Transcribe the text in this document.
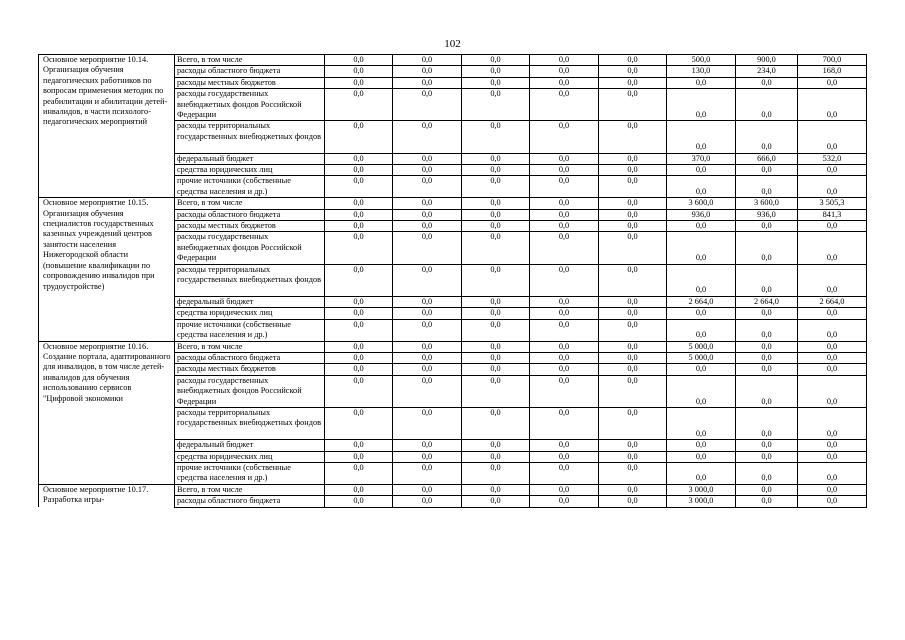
102
Основное мероприятие 10.14. Организация обучения педагогических работников по вопросам применения методик по реабилитации и абилитации детей-инвалидов, в части психолого-педагогических мероприятий	Всего, в том числе	0,0	0,0	0,0	0,0	0,0	500,0	900,0	700,0
	расходы областного бюджета	0,0	0,0	0,0	0,0	0,0	130,0	234,0	168,0
	расходы местных бюджетов	0,0	0,0	0,0	0,0	0,0	0,0	0,0	0,0
	расходы государственных внебюджетных фондов Российской Федерации	0,0	0,0	0,0	0,0	0,0	0,0	0,0	0,0
	расходы территориальных государственных внебюджетных фондов	0,0	0,0	0,0	0,0	0,0	0,0	0,0	0,0
	федеральный бюджет	0,0	0,0	0,0	0,0	0,0	370,0	666,0	532,0
	средства юридических лиц	0,0	0,0	0,0	0,0	0,0	0,0	0,0	0,0
	прочие источники (собственные средства населения и др.)	0,0	0,0	0,0	0,0	0,0	0,0	0,0	0,0
Основное мероприятие 10.15. Организация обучения специалистов государственных казенных учреждений центров занятости населения Нижегородской области (повышение квалификации по сопровождению инвалидов при трудоустройстве)	Всего, в том числе	0,0	0,0	0,0	0,0	0,0	3 600,0	3 600,0	3 505,3
	расходы областного бюджета	0,0	0,0	0,0	0,0	0,0	936,0	936,0	841,3
	расходы местных бюджетов	0,0	0,0	0,0	0,0	0,0	0,0	0,0	0,0
	расходы государственных внебюджетных фондов Российской Федерации	0,0	0,0	0,0	0,0	0,0	0,0	0,0	0,0
	расходы территориальных государственных внебюджетных фондов	0,0	0,0	0,0	0,0	0,0	0,0	0,0	0,0
	федеральный бюджет	0,0	0,0	0,0	0,0	0,0	2 664,0	2 664,0	2 664,0
	средства юридических лиц	0,0	0,0	0,0	0,0	0,0	0,0	0,0	0,0
	прочие источники (собственные средства населения и др.)	0,0	0,0	0,0	0,0	0,0	0,0	0,0	0,0
Основное мероприятие 10.16. Создание портала, адаптированного для инвалидов, в том числе детей-инвалидов для обучения использованию сервисов "Цифровой экономики	Всего, в том числе	0,0	0,0	0,0	0,0	0,0	5 000,0	0,0	0,0
	расходы областного бюджета	0,0	0,0	0,0	0,0	0,0	5 000,0	0,0	0,0
	расходы местных бюджетов	0,0	0,0	0,0	0,0	0,0	0,0	0,0	0,0
	расходы государственных внебюджетных фондов Российской Федерации	0,0	0,0	0,0	0,0	0,0	0,0	0,0	0,0
	расходы территориальных государственных внебюджетных фондов	0,0	0,0	0,0	0,0	0,0	0,0	0,0	0,0
	федеральный бюджет	0,0	0,0	0,0	0,0	0,0	0,0	0,0	0,0
	средства юридических лиц	0,0	0,0	0,0	0,0	0,0	0,0	0,0	0,0
	прочие источники (собственные средства населения и др.)	0,0	0,0	0,0	0,0	0,0	0,0	0,0	0,0
Основное мероприятие 10.17. Разработка игры-	Всего, в том числе	0,0	0,0	0,0	0,0	0,0	3 000,0	0,0	0,0
	расходы областного бюджета	0,0	0,0	0,0	0,0	0,0	3 000,0	0,0	0,0
